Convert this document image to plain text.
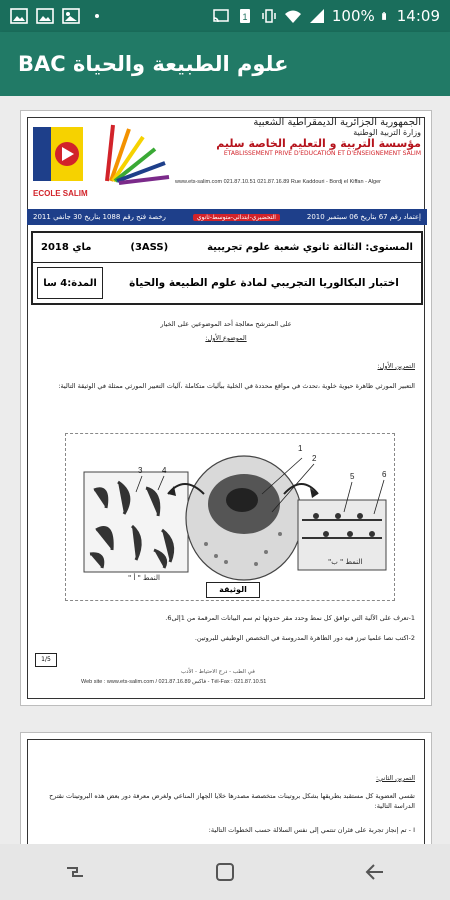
1	100% 14:09
علوم الطبيعة والحياة BAC
ECOLE SALIM
الجمهورية الجزائرية الديمقراطية الشعبية
وزارة التربية الوطنية
مؤسسة التربية و التعليم الخاصة سليم
ETABLISSEMENT PRIVE D'EDUCATION ET D'ENSEIGNEMENT SALIM
www.ets-salim.com 021.87.10.51 021.87.16.89 Rue Kaddouri - Bordj el Kiffan - Alger
إعتماد رقم 67 بتاريخ 06 سبتمبر 2010
التحضيري-ابتدائي-متوسط-ثانوي
رخصة فتح رقم 1088 بتاريخ 30 جانفي 2011
المستوى: الثالثة ثانوي شعبة علوم تجريبية
(3ASS)
ماي 2018
اختبار البكالوريا التجريبي لمادة علوم الطبيعة والحياة
المدة:4 سا
على المترشح معالجة أحد الموضوعين على الخيار
الموضوع الأول:
التمرين الأول:
التعبير المورثي ظاهرة حيوية خلوية ،تحدث في مواقع محددة في الخلية ببآليات متكاملة ،آليات التعبير المورثي ممثلة في الوثيقة التالية:
1
2
3 4
5	6
النمط " أ "
النمط " ب"
الوثيقة
1-تعرف على الآلية التي توافق كل نمط وحدد مقر حدوثها ثم سم البيانات المرقمة من 1إلى6.
2-اكتب نصا علميا تبرز فيه دور الظاهرة المدروسة في التخصص الوظيفي للبروتين.
1/5
في الطب - درج الاحتياط - الأدب
Web site : www.ets-salim.com / 021.87.16.89 فاكس - Tél-Fax : 021.87.10.51
التمرين الثاني:
تقسي العضوية كل مستقبد بطريقها بشكل بروتينات متخصصة مصدرها خلايا الجهاز المناعي ولغرض معرفة دور بعض هذه البروتينات نقترح الدراسة التالية:
I - تم إنجاز تجربة على فئران تنتمي إلى نفس السلالة حسب الخطوات التالية:
